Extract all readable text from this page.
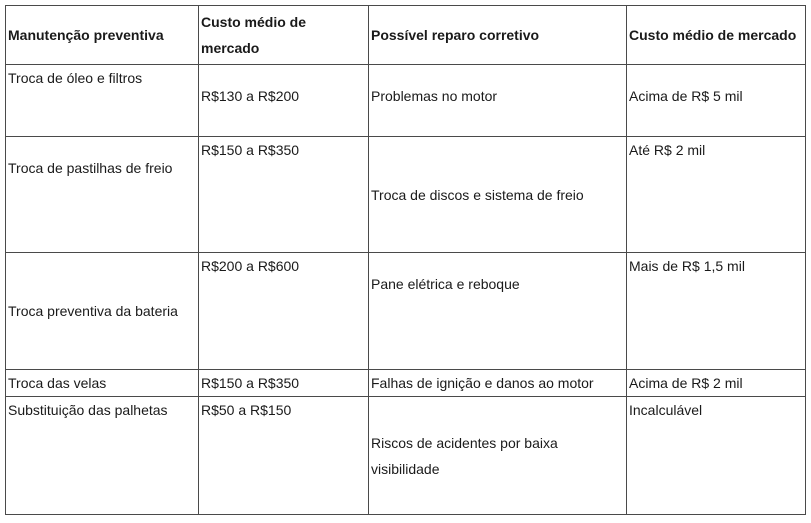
Manutenção preventiva	Custo médio de mercado	Possível reparo corretivo	Custo médio de mercado
Troca de óleo e filtros	R$130 a R$200	Problemas no motor	Acima de R$ 5 mil
Troca de pastilhas de freio	R$150 a R$350	Troca de discos e sistema de freio	Até R$ 2 mil
Troca preventiva da bateria	R$200 a R$600	Pane elétrica e reboque	Mais de R$ 1,5 mil
Troca das velas	R$150 a R$350	Falhas de ignição e danos ao motor	Acima de R$ 2 mil
Substituição das palhetas	R$50 a R$150	Riscos de acidentes por baixa visibilidade	Incalculável
